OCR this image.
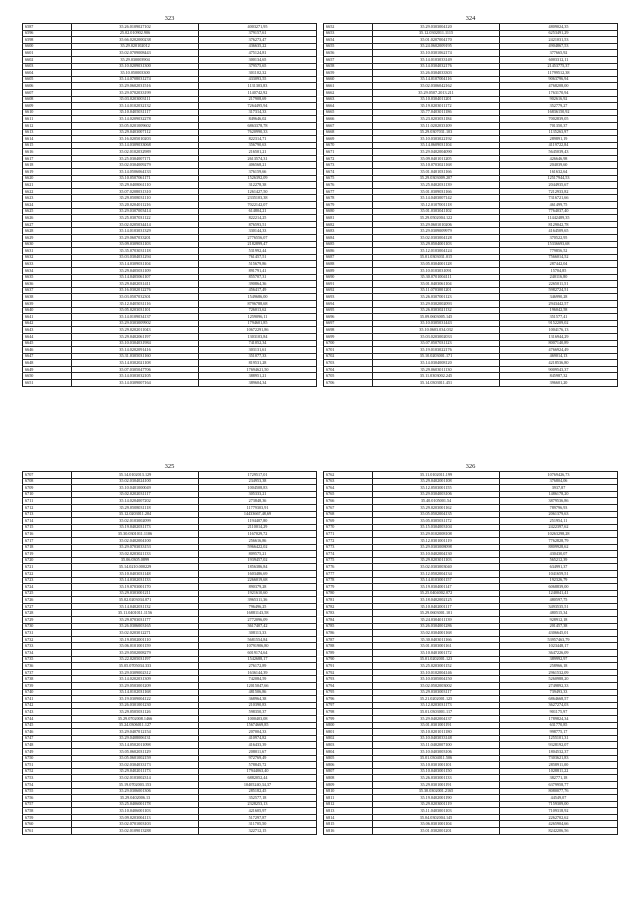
323
6587	35.26.0109027102	4003271,95
6596	25.02.010902.906	379157,61
6598	35.66.0202000238	376273,47
6600	35.29.020102012	436635,22
6601	35.02.0709008443	475124,81
6602	35.29.030003904	300134,65
6603	35.10.0209031300	379575,65
6604	35.10.050003300	301102,32
6605	35.14.0708031274	433093,55
6606	35.29.0602031516	1131303,83
6607	35.29.0702033199	1140742,92
6608	35.03.0203003111	217908,69
6609	35.14.0102032132	7264495,94
6610	35.10.0405031117	317314,33
6611	35.14.0209032278	849646,02
6612	35.05.0201009602	6863378,78
6613	35.29.0403007112	7620990,33
6614	35.16.0205010203	822314,71
6615	35.14.0309033068	356790,63
6616	35.02.0102032989	216501,21
6617	35.25.0304007171	2613574,31
6618	35.02.0304009279	406568,21
6619	35.14.0506064133	376159,66
6620	35.10.0507061171	1526392,09
6621	35.29.0408061110	312278,38
6622	35.07.0208031310	1261427,50
6623	35.29.0508031110	2335103,38
6624	35.20.0204011216	7022142,07
6625	35.29.0307003414	614804,21
6626	35.25.0307031122	822214,25
6627	35.02.0205034414	876593,51
6628	35.14.0103031329	330144,33
6629	35.29.0607033201	2776556,07
6630	35.09.0309031103	2182899,47
6631	35.35.0703031118	531992,44
6632	35.03.0304031294	761457,51
6633	35.14.0309031104	515679,86
6634	35.29.0405031109	891791,41
6635	35.14.0405061107	855707,31
6636	35.29.0402031411	390864,36
6637	35.16.0302012276	456417,49
6638	35.03.0507032301	1549686,00
6639	35.12.0405031116	8796788,68
6640	35.05.0203031101	726013,62
6641	35.14.0109034137	1259096,11
6642	35.29.0303009902	1794601,85
6643	35.29.0202011043	10672291,86
6644	35.29.0402061197	1303103,84
6645	35.10.0304031984	741052,34
6646	35.14.0202091416	303131,61
6647	35.31.0305031160	351077,33
6648	35.14.0302021108	819531,28
6649	35.07.0305047706	17694621,50
6650	35.14.0303032105	388951,21
6651	35.14.0309007164	389604,34
324
6652	35.29.0303004120	4809024,35
6653	35.12.0302011.1115	6253491,29
6654	35.01.0207004170	2421031,53
6655	35.24.0602009195	4904867,53
6656	35.10.0301062174	377665,92
6657	35.14.0103033149	6003312,11
6658	35.14.0304032176	21453775,37
6659	35.26.0304033303	11799512,38
6660	35.14.0107004116	9063796,94
6661	35.02.0306042162	4768208,00
6662	35.29.0507.2013.211	1763170,94
6663	35.10.0304011201	902616,92
6664	35.19.0203011172	352779,27
6665	35.77.0403011186	16836150,92
6666	35.23.0203031184	7002839,05
6667	35.11.0202033109	701350,37
6668	35.29.0307031.103	1135263,97
6669	35.10.0303022192	289891,19
6670	35.14.0609031104	4119722,84
6671	35.29.0402004090	5645039,43
6672	35.09.0401011205	426646,98
6673	35.10.0703021168	204039,60
6674	35.01.0401031166	161632,64
6675	35.29.0303009.207	12517944,53
6676	35.25.0402031139	2044935,67
6677	35.01.0309031166	7212933,82
6678	35.14.0403007142	7316721,66
6679	35.12.0107001118	461499,75
6680	35.01.0303041102	7764037,40
6681	35.29.0502004.122	11442489,35
6682	35.29.0601010206	8129042,78
6683	35.29.0309009979	4164509,65
6684	35.02.0303004128	370522,95
6685	35.29.0504001103	15336693,68
6686	35.12.0103004124	779856,52
6687	35.01.0303031.015	7566014,52
6688	35.05.0304001128	287442,04
6689	35.10.0103031091	15704,85
6690	35.30.0701004111	240116,80
6691	35.01.0403061104	2265011,51
6692	35.11.0703001201	5982724,51
6693	35.26.0307001123	346990,28
6694	35.29.0302002093	2943442,57
6695	35.26.0303021132	196042,58
6696	35.09.0603005.145	351577,41
6697	35.10.0305031443	9152209,02
6698	35.10.0603.034.032	1004176,13
6699	35.03.0203002033	1316944,29
6700	35.07.0507031123	8007140,89
6701	35.19.0103022176	4766924,49
6702	35.10.0203001.171	469014,13
6703	35.14.0304008120	4218536,80
6704	35.29.0603011130	9009543,37
6705	35.11.0303002.245	845987,32
6706	35.14.0303011.451	396601,20
325
6707	35.14.0102013.129	1729517,01
6708	35.02.0304024100	234953,38
6709	35.10.0401000049	1004508,83
6710	35.02.0202031117	305333,21
6711	35.14.0204007202	273848,36
6712	35.29.0508031118	11779303,91
6713	35.12.0203011.204	14433667,48,69
6714	35.02.0103002099	1194407,80
6715	35.19.0402031173	2110014,29
6716	35.30.0301011.1106	1167029,72
6717	35.02.0402004100	256616,86
6718	35.29.0703033153	5966422,02
6719	35.02.0203021133	809575,21
6720	35.06.0305.0899	1939457,02
6721	35.14.0210.000229	1856386,84
6722	35.10.0403031148	1603486,69
6723	35.14.0302031133	2266019,68
6724	35.19.0703001170	890379,28
6725	35.29.0303001211	1921610,60
6726	35.02.0203034.071	3965311,36
6727	35.14.0402031132	796496,25
6728	35.11.0401011.1156	16881143,58
6729	35.29.0703031177	2772096,09
6730	35.26.0306003165	3617407,42
6731	35.02.0203012271	308113,33
6732	35.19.0502001110	5681554,84
6733	35.06.0101001159	10791906,80
6734	35.29.0502008279	6019174,64
6735	35.22.0205031197	1542688,17
6736	35.05.0705034.333	276172,89
6737	35.29.0309002312	1636144,39
6738	35.14.0202031309	742084,59
6739	35.29.0503001209	12015047,66
6740	35.14.0102031168	481506,86
6741	35.19.0309004122	368964,38
6742	35.26.0301001230	210390,83
6743	35.29.0505031126	598350,37
6744	35.29.0702008.1466	1000403,08
6745	35.24.0306011.127	15674669,85
6746	35.29.0407012154	207004,33
6747	35.29.0408006131	410974,82
6748	35.14.0502011098	416433,39
6749	35.05.0602031129	208011,67
6750	35.05.0601002159	972769,49
6751	35.02.0304033173	578845,72
6752	35.29.0402011173	17944063,40
6753	35.02.0103002314	6882052,44
6754	35.19.0702003.153	10405240,34,37
6755	35.29.0306001306	285182,45
6756	35.29.0402006.13	352577,18
6757	35.25.0406001178	2328253,13
6758	35.10.0406001103	421605,97
6759	35.09.0203004113	517297,87
6760	35.02.0701003103	311705,50
6761	35.02.0109013288	322712,15
326
6762	35.11.0102011.199	10769426,73
6763	35.29.0402001108	376804,06
6764	35.12.0503001155	3937,87
6765	35.29.0304003106	1486178,20
6766	35.40.0105001.54	3879536,86
6767	35.29.0203001162	789796,93
6768	35.05.0502004135	2061379,63
6769	35.05.0305031172	251954,11
6770	35.15.0304003104	2422397,62
6771	35.29.0102008108	10263298,28
6772	35.12.0301001119	7762828,79
6773	35.29.0303008098	8809928,62
6774	35.10.0402004130	430430,07
6775	35.29.0203011103	565212,39
6776	35.02.0303003040	634991,37
6777	35.12.0502004134	1041659,51
6778	35.14.0103001157	192326,79
6779	35.19.0304001147	6068839,00
6780	35.25.0404002.072	1240041,41
6781	35.18.0402002125	480597,75
6782	35.10.0402001117	3493535,51
6783	35.29.0603001.101	480515,34
6784	35.24.0304011139	928912,18
6785	35.26.0304001286	201457,38
6786	35.02.0304001168	4306645,01
6787	35.30.0403011166	53957463,79
6788	35.01.0303001161	1023448,17
6789	35.10.0401001172	3647226,09
6790	35.01.0202001.123	389992,97
6791	35.25.0203001152	258966,18
6792	35.10.0102004146	2961532,09
6793	35.10.0305004150	5260988,20
6794	35.02.0502003002	2749892,33
6795	35.29.0303003117	739493,33
6796	35.21.0202001.125	6864668,57
6797	35.12.0203031173	3627274,03
6798	35.01.0303001.117	901175,97
6799	35.29.0402004137	1789824,34
6800	35.01.0301001191	631770,85
6801	35.10.0201011180	998775,17
6802	35.10.0403033148	1255101,31
6803	35.11.0402007100	9328192,07
6804	35.10.0403003106	1804532,37
6805	35.01.0304011.506	7303621,83
6806	35.10.0301001101	2858911,00
6807	35.10.0403001150	1028811,22
6808	35.26.0303001133	382771,18
6809	35.29.0301001191	6379958,77
6810	35.30.0302001.2165	8080077,76
6811	35.19.0402001190	44549,07
6812	35.29.0203001119	7159309,00
6813	35.11.0403001103	7109318,92
6814	35.04.0302004.145	2262702,62
6815	35.06.0301001104	4265904,66
6816	35.01.0302001201	8242206,56
